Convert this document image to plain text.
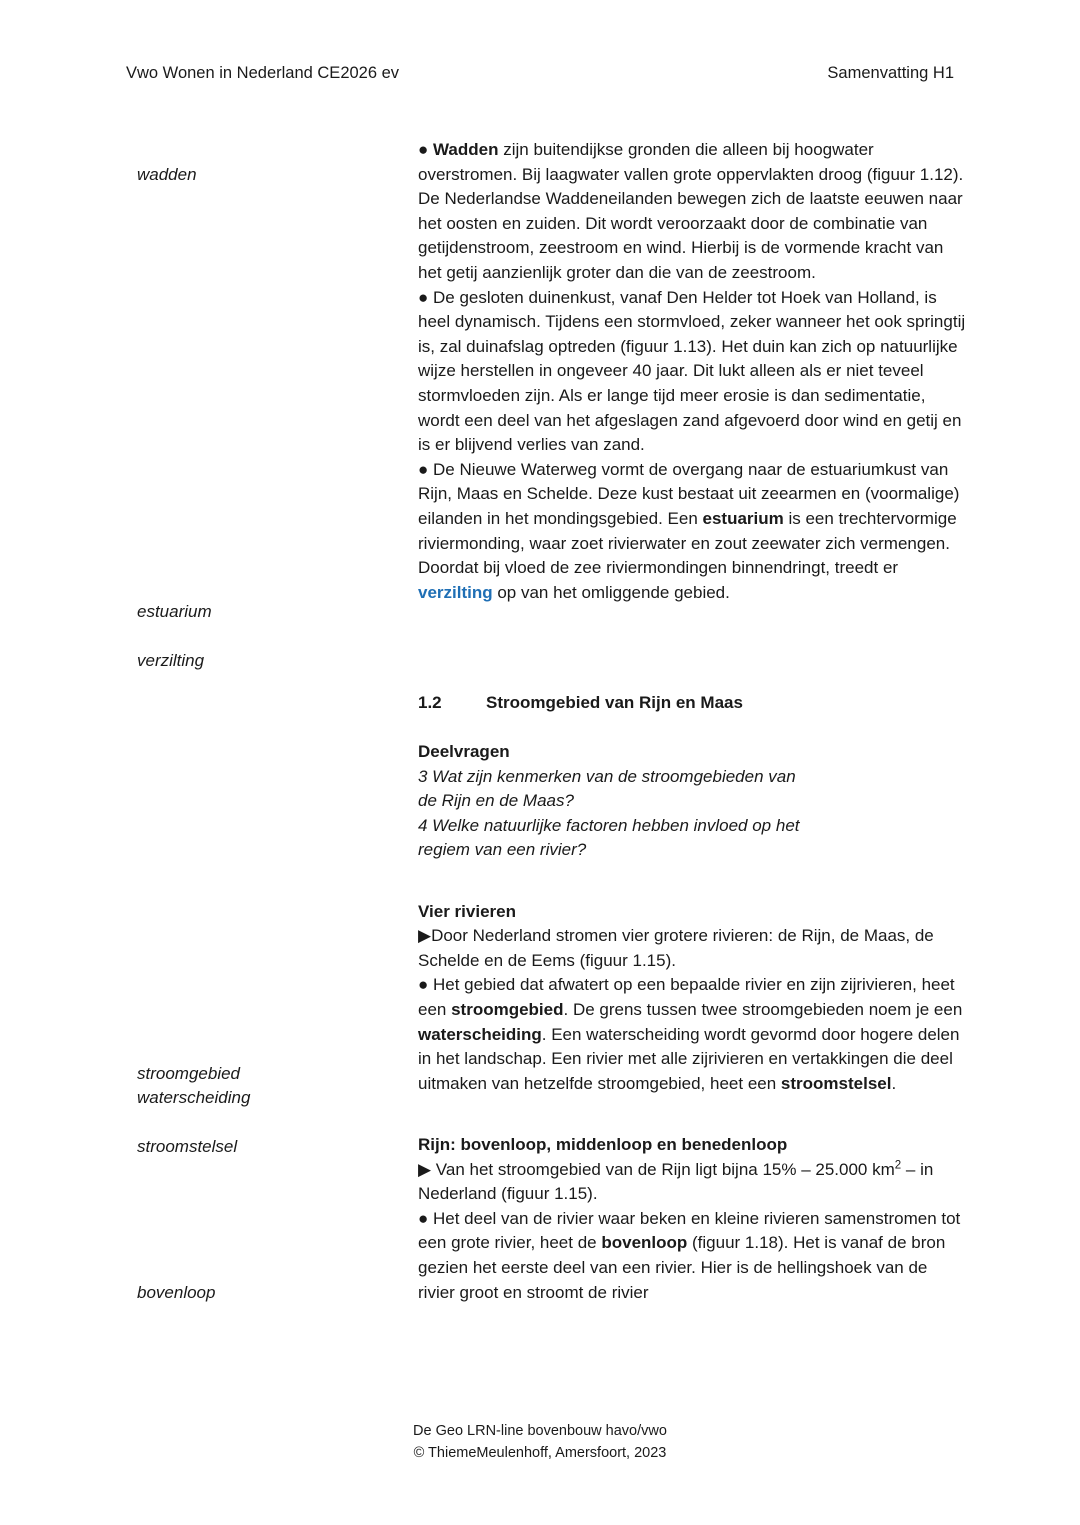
Vwo Wonen in Nederland CE2026 ev	Samenvatting H1
wadden
estuarium
verzilting
stroomgebied
waterscheiding
stroomstelsel
bovenloop

● Wadden zijn buitendijkse gronden die alleen bij hoogwater overstromen. Bij laagwater vallen grote oppervlakten droog (figuur 1.12). De Nederlandse Waddeneilanden bewegen zich de laatste eeuwen naar het oosten en zuiden. Dit wordt veroorzaakt door de combinatie van getijdenstroom, zeestroom en wind. Hierbij is de vormende kracht van het getij aanzienlijk groter dan die van de zeestroom.

● De gesloten duinenkust, vanaf Den Helder tot Hoek van Holland, is heel dynamisch. Tijdens een stormvloed, zeker wanneer het ook springtij is, zal duinafslag optreden (figuur 1.13). Het duin kan zich op natuurlijke wijze herstellen in ongeveer 40 jaar. Dit lukt alleen als er niet teveel stormvloeden zijn. Als er lange tijd meer erosie is dan sedimentatie, wordt een deel van het afgeslagen zand afgevoerd door wind en getij en is er blijvend verlies van zand.

● De Nieuwe Waterweg vormt de overgang naar de estuariumkust van Rijn, Maas en Schelde. Deze kust bestaat uit zeearmen en (voormalige) eilanden in het mondingsgebied. Een estuarium is een trechtervormige riviermonding, waar zoet rivierwater en zout zeewater zich vermengen. Doordat bij vloed de zee riviermondingen binnendringt, treedt er verzilting op van het omliggende gebied.

1.2	Stroomgebied van Rijn en Maas
Deelvragen
3 Wat zijn kenmerken van de stroomgebieden van
de Rijn en de Maas?
4 Welke natuurlijke factoren hebben invloed op het
regiem van een rivier?
Vier rivieren

▶Door Nederland stromen vier grotere rivieren: de Rijn, de Maas, de Schelde en de Eems (figuur 1.15).

● Het gebied dat afwatert op een bepaalde rivier en zijn zijrivieren, heet een stroomgebied. De grens tussen twee stroomgebieden noem je een waterscheiding. Een waterscheiding wordt gevormd door hogere delen in het landschap. Een rivier met alle zijrivieren en vertakkingen die deel uitmaken van hetzelfde stroomgebied, heet een stroomstelsel.

Rijn: bovenloop, middenloop en benedenloop

▶ Van het stroomgebied van de Rijn ligt bijna 15% – 25.000 $km^2$ – in Nederland (figuur 1.15).

● Het deel van de rivier waar beken en kleine rivieren samenstromen tot een grote rivier, heet de bovenloop (figuur 1.18). Het is vanaf de bron gezien het eerste deel van een rivier. Hier is de hellingshoek van de rivier groot en stroomt de rivier

De Geo LRN-line bovenbouw havo/vwo
© ThiemeMeulenhoff, Amersfoort, 2023
